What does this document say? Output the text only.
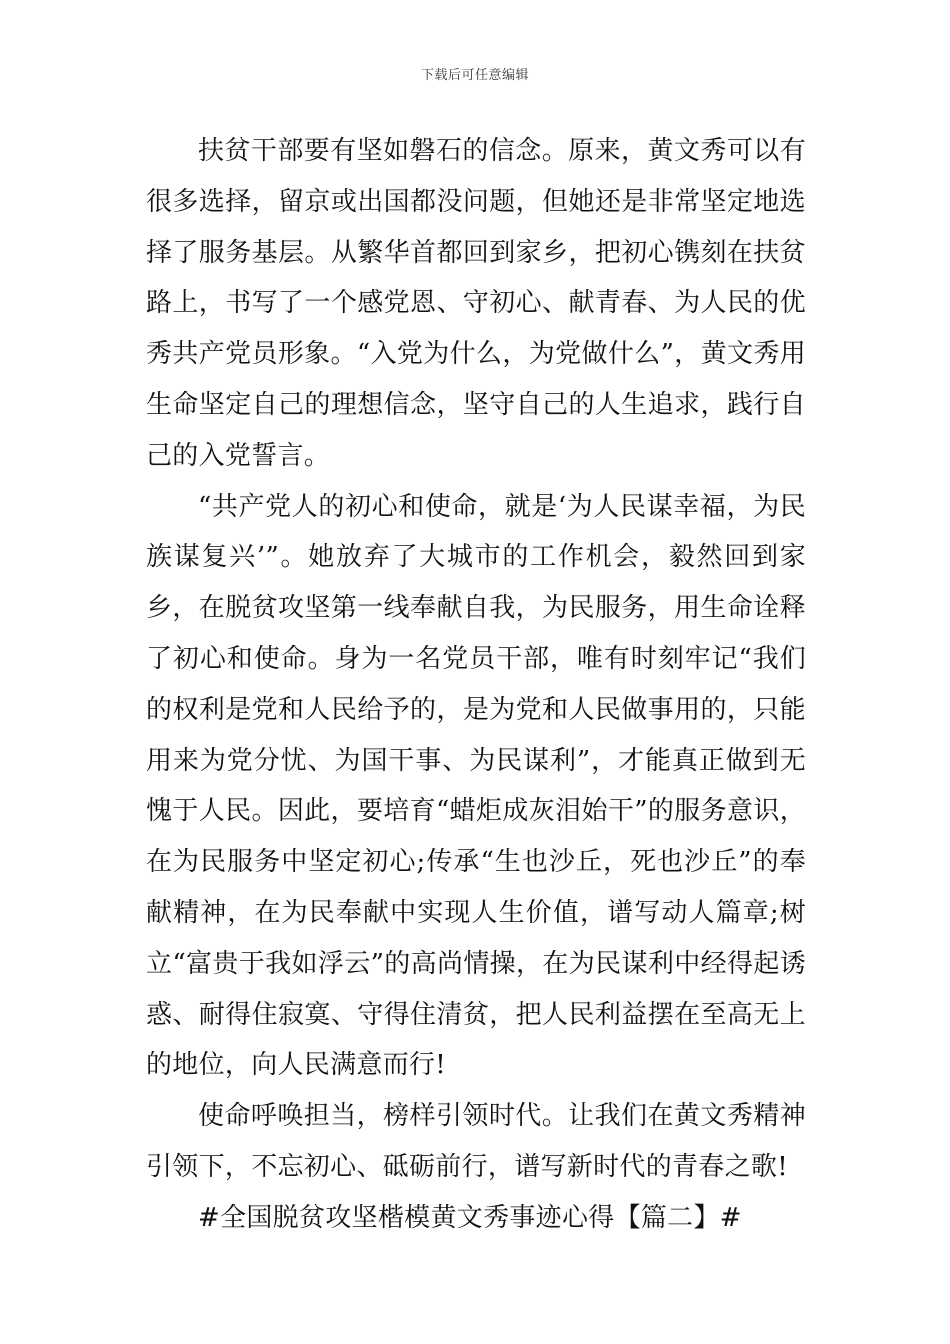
下载后可任意编辑

扶贫干部要有坚如磐石的信念。原来，黄文秀可以有很多选择，留京或出国都没问题，但她还是非常坚定地选择了服务基层。从繁华首都回到家乡，把初心镌刻在扶贫路上，书写了一个感党恩、守初心、献青春、为人民的优秀共产党员形象。“入党为什么，为党做什么”，黄文秀用生命坚定自己的理想信念，坚守自己的人生追求，践行自己的入党誓言。

“共产党人的初心和使命，就是‘为人民谋幸福，为民族谋复兴’”。她放弃了大城市的工作机会，毅然回到家乡，在脱贫攻坚第一线奉献自我，为民服务，用生命诠释了初心和使命。身为一名党员干部，唯有时刻牢记“我们的权利是党和人民给予的，是为党和人民做事用的，只能用来为党分忧、为国干事、为民谋利”，才能真正做到无愧于人民。因此，要培育“蜡炬成灰泪始干”的服务意识，在为民服务中坚定初心;传承“生也沙丘，死也沙丘”的奉献精神，在为民奉献中实现人生价值，谱写动人篇章;树立“富贵于我如浮云”的高尚情操，在为民谋利中经得起诱惑、耐得住寂寞、守得住清贫，把人民利益摆在至高无上的地位，向人民满意而行!

使命呼唤担当，榜样引领时代。让我们在黄文秀精神引领下，不忘初心、砥砺前行，谱写新时代的青春之歌!

#全国脱贫攻坚楷模黄文秀事迹心得【篇二】#
